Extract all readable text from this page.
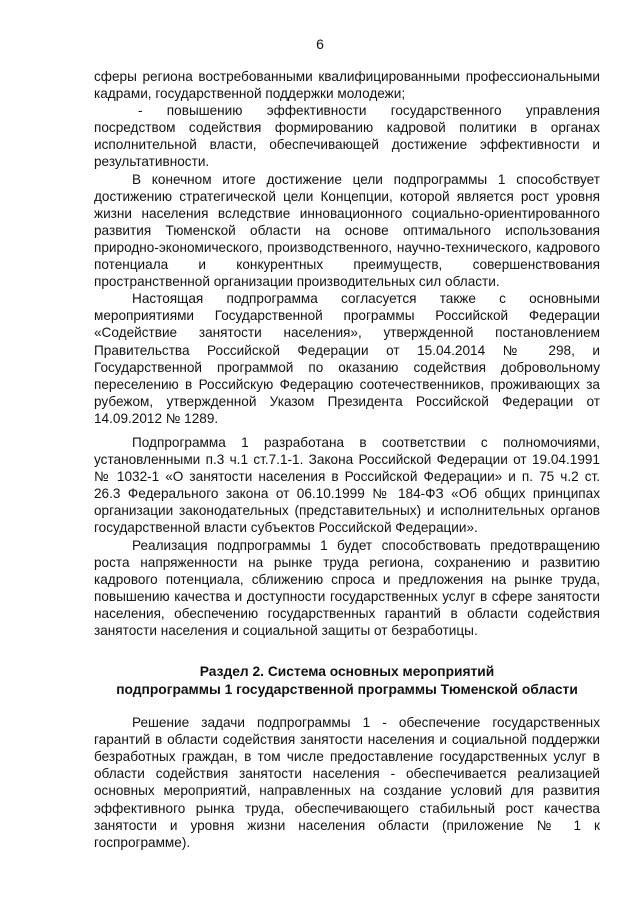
6

сферы региона востребованными квалифицированными профессиональными кадрами, государственной поддержки молодежи;

- повышению эффективности государственного управления посредством содействия формированию кадровой политики в органах исполнительной власти, обеспечивающей достижение эффективности и результативности.

В конечном итоге достижение цели подпрограммы 1 способствует достижению стратегической цели Концепции, которой является рост уровня жизни населения вследствие инновационного социально-ориентированного развития Тюменской области на основе оптимального использования природно-экономического, производственного, научно-технического, кадрового потенциала и конкурентных преимуществ, совершенствования пространственной организации производительных сил области.

Настоящая подпрограмма согласуется также с основными мероприятиями Государственной программы Российской Федерации «Содействие занятости населения», утвержденной постановлением Правительства Российской Федерации от 15.04.2014 № 298, и Государственной программой по оказанию содействия добровольному переселению в Российскую Федерацию соотечественников, проживающих за рубежом, утвержденной Указом Президента Российской Федерации от 14.09.2012 № 1289.

Подпрограмма 1 разработана в соответствии с полномочиями, установленными п.3 ч.1 ст.7.1-1. Закона Российской Федерации от 19.04.1991 № 1032-1 «О занятости населения в Российской Федерации» и п. 75 ч.2 ст. 26.3 Федерального закона от 06.10.1999 № 184-ФЗ «Об общих принципах организации законодательных (представительных) и исполнительных органов государственной власти субъектов Российской Федерации».

Реализация подпрограммы 1 будет способствовать предотвращению роста напряженности на рынке труда региона, сохранению и развитию кадрового потенциала, сближению спроса и предложения на рынке труда, повышению качества и доступности государственных услуг в сфере занятости населения, обеспечению государственных гарантий в области содействия занятости населения и социальной защиты от безработицы.

Раздел 2. Система основных мероприятий

подпрограммы 1 государственной программы Тюменской области

Решение задачи подпрограммы 1 - обеспечение государственных гарантий в области содействия занятости населения и социальной поддержки безработных граждан, в том числе предоставление государственных услуг в области содействия занятости населения - обеспечивается реализацией основных мероприятий, направленных на создание условий для развития эффективного рынка труда, обеспечивающего стабильный рост качества занятости и уровня жизни населения области (приложение № 1 к госпрограмме).
